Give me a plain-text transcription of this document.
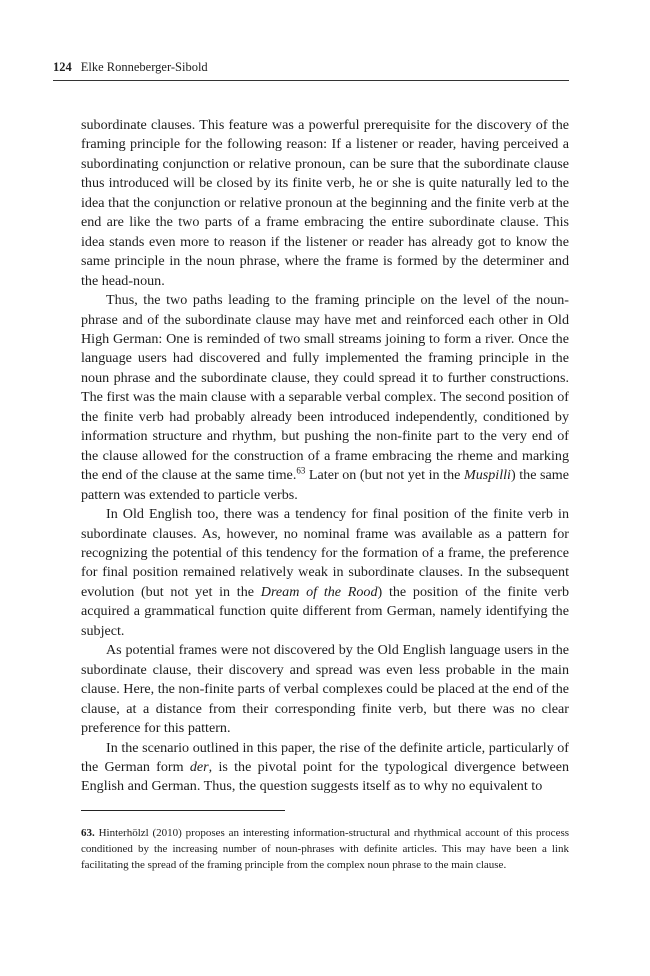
124 Elke Ronneberger-Sibold

subordinate clauses. This feature was a powerful prerequisite for the discovery of the framing principle for the following reason: If a listener or reader, having perceived a subordinating conjunction or relative pronoun, can be sure that the subordinate clause thus introduced will be closed by its finite verb, he or she is quite naturally led to the idea that the conjunction or relative pronoun at the beginning and the finite verb at the end are like the two parts of a frame embracing the entire subordinate clause. This idea stands even more to reason if the listener or reader has already got to know the same principle in the noun phrase, where the frame is formed by the determiner and the head-noun.

Thus, the two paths leading to the framing principle on the level of the noun-phrase and of the subordinate clause may have met and reinforced each other in Old High German: One is reminded of two small streams joining to form a river. Once the language users had discovered and fully implemented the framing principle in the noun phrase and the subordinate clause, they could spread it to further constructions. The first was the main clause with a separable verbal complex. The second position of the finite verb had probably already been introduced independently, conditioned by information structure and rhythm, but pushing the non-finite part to the very end of the clause allowed for the construction of a frame embracing the rheme and marking the end of the clause at the same time.$^{63}$ Later on (but not yet in the Muspilli) the same pattern was extended to particle verbs.

In Old English too, there was a tendency for final position of the finite verb in subordinate clauses. As, however, no nominal frame was available as a pattern for recognizing the potential of this tendency for the formation of a frame, the preference for final position remained relatively weak in subordinate clauses. In the subsequent evolution (but not yet in the Dream of the Rood) the position of the finite verb acquired a grammatical function quite different from German, namely identifying the subject.

As potential frames were not discovered by the Old English language users in the subordinate clause, their discovery and spread was even less probable in the main clause. Here, the non-finite parts of verbal complexes could be placed at the end of the clause, at a distance from their corresponding finite verb, but there was no clear preference for this pattern.

In the scenario outlined in this paper, the rise of the definite article, particularly of the German form der, is the pivotal point for the typological divergence between English and German. Thus, the question suggests itself as to why no equivalent to

63. Hinterhölzl (2010) proposes an interesting information-structural and rhythmical account of this process conditioned by the increasing number of noun-phrases with definite articles. This may have been a link facilitating the spread of the framing principle from the complex noun phrase to the main clause.
